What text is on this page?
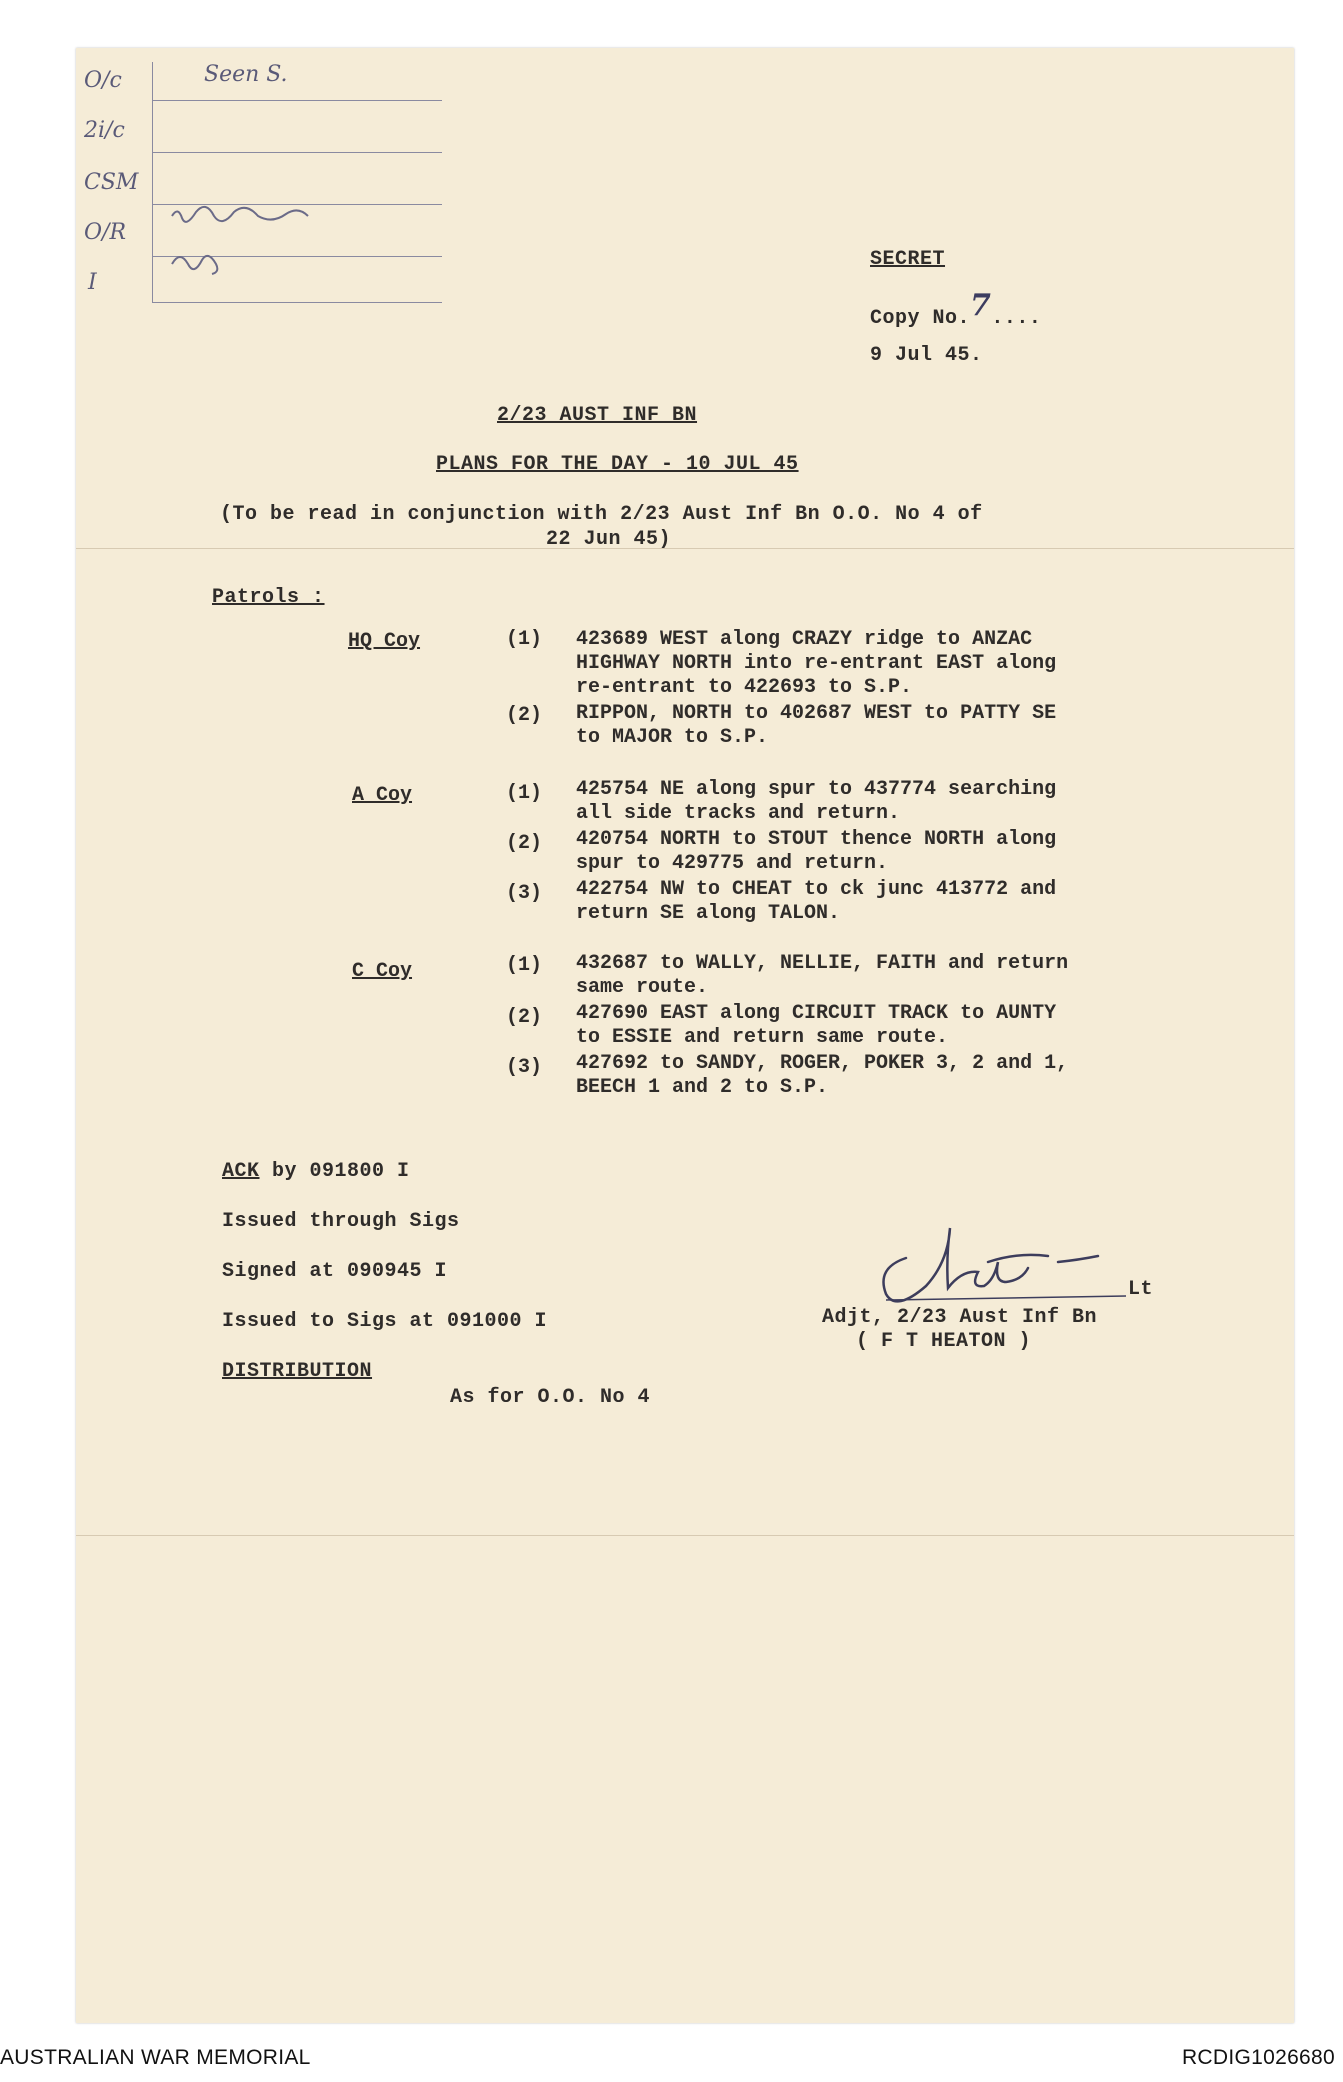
O/c	Seen S.
2i/c
CSM
O/R
I
SECRET
Copy No.7....
9 Jul 45.
2/23 AUST INF BN
PLANS FOR THE DAY - 10 JUL 45
(To be read in conjunction with 2/23 Aust Inf Bn O.O. No 4 of
22 Jun 45)
Patrols :
HQ Coy	(1) 423689 WEST along CRAZY ridge to ANZAC
HIGHWAY NORTH into re-entrant EAST along
re-entrant to 422693 to S.P.
(2) RIPPON, NORTH to 402687 WEST to PATTY SE
to MAJOR to S.P.
A Coy	(1) 425754 NE along spur to 437774 searching
all side tracks and return.
(2) 420754 NORTH to STOUT thence NORTH along
spur to 429775 and return.
(3) 422754 NW to CHEAT to ck junc 413772 and
return SE along TALON.
C Coy	(1) 432687 to WALLY, NELLIE, FAITH and return
same route.
(2) 427690 EAST along CIRCUIT TRACK to AUNTY
to ESSIE and return same route.
(3) 427692 to SANDY, ROGER, POKER 3, 2 and 1,
BEECH 1 and 2 to S.P.
ACK by 091800 I
Issued through Sigs
Signed at 090945 I
Issued to Sigs at 091000 I
DISTRIBUTION
As for O.O. No 4
Lt
Adjt, 2/23 Aust Inf Bn
( F T HEATON )
AUSTRALIAN WAR MEMORIAL	RCDIG1026680
